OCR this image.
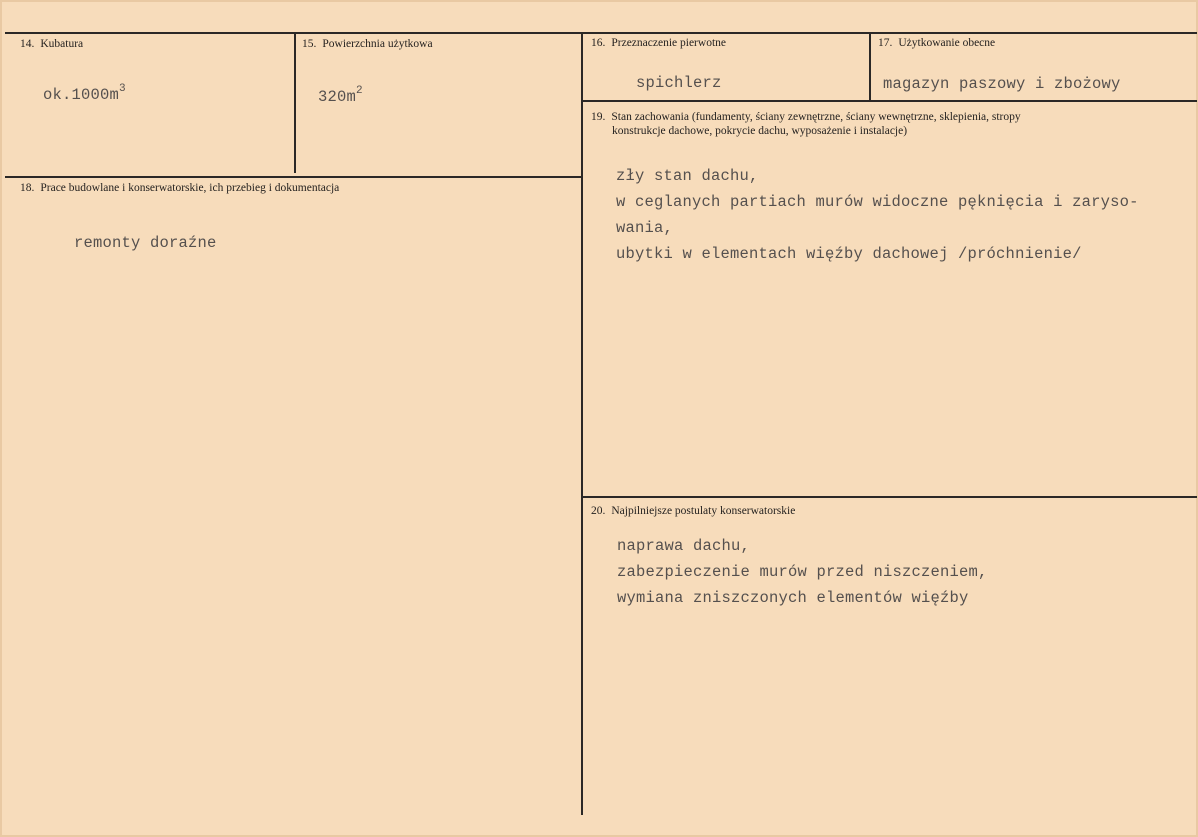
14. Kubatura
$ok.1000m^3$
15. Powierzchnia użytkowa
$320m^2$
16. Przeznaczenie pierwotne
spichlerz
17. Użytkowanie obecne
magazyn paszowy i zbożowy
18. Prace budowlane i konserwatorskie, ich przebieg i dokumentacja
remonty doraźne
19. Stan zachowania (fundamenty, ściany zewnętrzne, ściany wewnętrzne, sklepienia, stropy
konstrukcje dachowe, pokrycie dachu, wyposażenie i instalacje)
zły stan dachu,
w ceglanych partiach murów widoczne pęknięcia i zaryso-
wania,
ubytki w elementach więźby dachowej /próchnienie/
20. Najpilniejsze postulaty konserwatorskie
naprawa dachu,
zabezpieczenie murów przed niszczeniem,
wymiana zniszczonych elementów więźby
